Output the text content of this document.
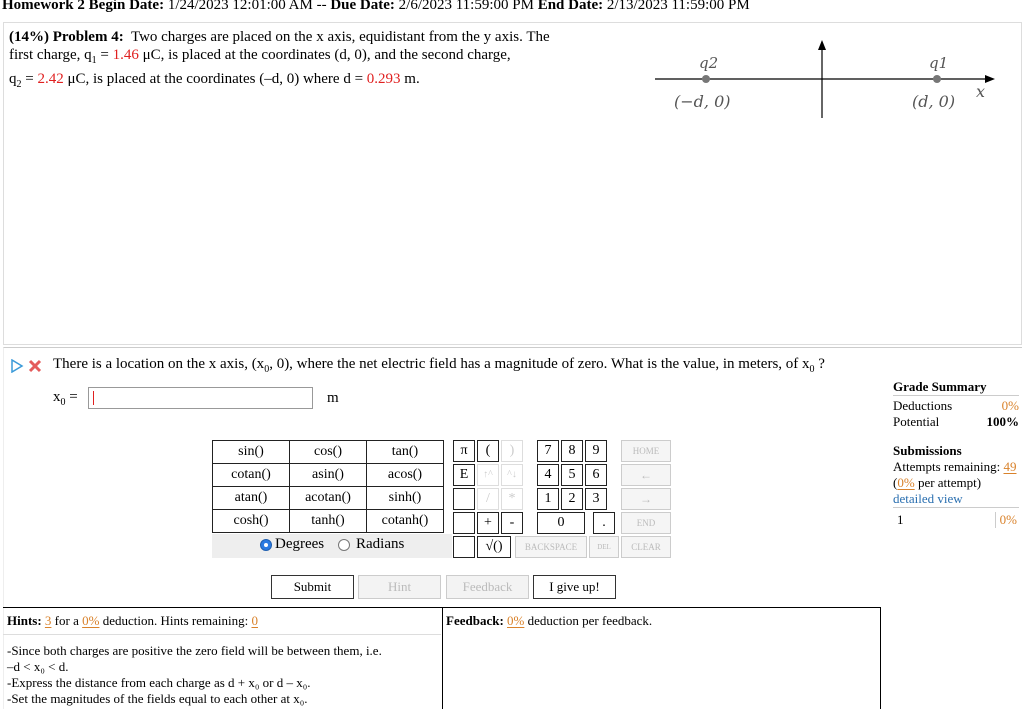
Homework 2 Begin Date: 1/24/2023 12:01:00 AM -- Due Date: 2/6/2023 11:59:00 PM End Date: 2/13/2023 11:59:00 PM
(14%) Problem 4: Two charges are placed on the x axis, equidistant from the y axis. The
first charge, $q_1 = 1.46$ μC, is placed at the coordinates (d, 0), and the second charge,
$q_2 = 2.42$ μC, is placed at the coordinates (–d, 0) where d = 0.293 m.
q2	q1
(−d, 0)	(d, 0)
x
There is a location on the x axis, ($x_0$, 0), where the net electric field has a magnitude of zero. What is the value, in meters, of $x_0$ ?
$x_0$ =	m
sin()	cos()	tan()
cotan()	asin()	acos()
atan()	acotan()	sinh()
cosh()	tanh()	cotanh()
Degrees Radians
π	(	)
E	↑^	^↓
/	*
+	-
√()
7	8	9
4	5	6
1	2	3
0	.
BACKSPACE	DEL
HOME
←
→
END
CLEAR
Submit	Hint	Feedback	I give up!
Hints: 3 for a 0% deduction. Hints remaining: 0
-Since both charges are positive the zero field will be between them, i.e.
–d < x₀ < d.
-Express the distance from each charge as d + x₀ or d – x₀.
-Set the magnitudes of the fields equal to each other at x₀.
Feedback: 0% deduction per feedback.
Grade Summary
Deductions	0%
Potential	100%
Submissions
Attempts remaining: 49
(0% per attempt)
detailed view
1	0%
